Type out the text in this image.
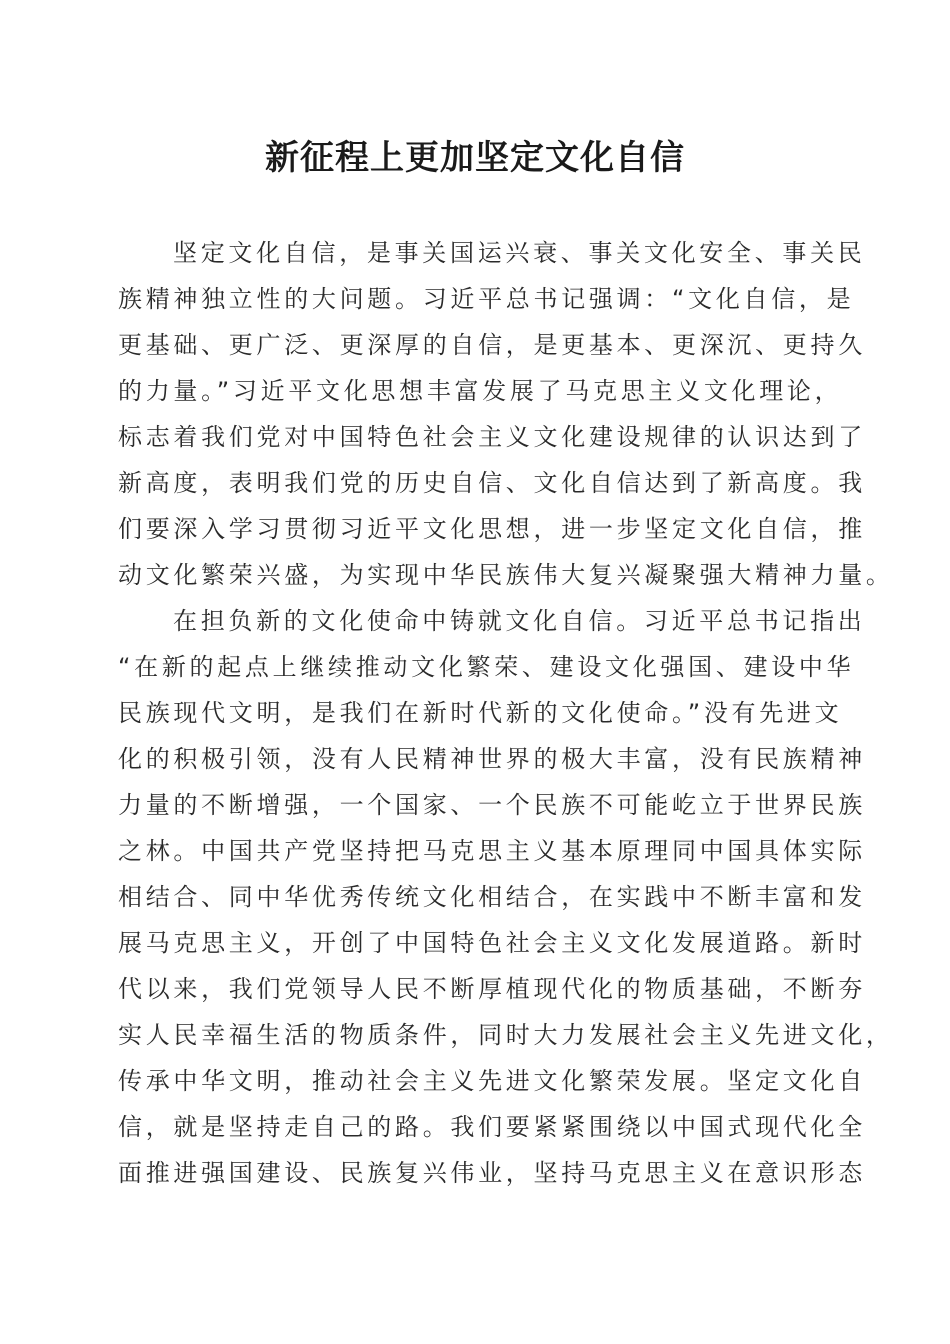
新征程上更加坚定文化自信
坚定文化自信，是事关国运兴衰、事关文化安全、事关民
族精神独立性的大问题。习近平总书记强调：“文化自信，是
更基础、更广泛、更深厚的自信，是更基本、更深沉、更持久
的力量。”习近平文化思想丰富发展了马克思主义文化理论，
标志着我们党对中国特色社会主义文化建设规律的认识达到了
新高度，表明我们党的历史自信、文化自信达到了新高度。我
们要深入学习贯彻习近平文化思想，进一步坚定文化自信，推
动文化繁荣兴盛，为实现中华民族伟大复兴凝聚强大精神力量。
在担负新的文化使命中铸就文化自信。习近平总书记指出
“在新的起点上继续推动文化繁荣、建设文化强国、建设中华
民族现代文明，是我们在新时代新的文化使命。”没有先进文
化的积极引领，没有人民精神世界的极大丰富，没有民族精神
力量的不断增强，一个国家、一个民族不可能屹立于世界民族
之林。中国共产党坚持把马克思主义基本原理同中国具体实际
相结合、同中华优秀传统文化相结合，在实践中不断丰富和发
展马克思主义，开创了中国特色社会主义文化发展道路。新时
代以来，我们党领导人民不断厚植现代化的物质基础，不断夯
实人民幸福生活的物质条件，同时大力发展社会主义先进文化，
传承中华文明，推动社会主义先进文化繁荣发展。坚定文化自
信，就是坚持走自己的路。我们要紧紧围绕以中国式现代化全
面推进强国建设、民族复兴伟业，坚持马克思主义在意识形态
